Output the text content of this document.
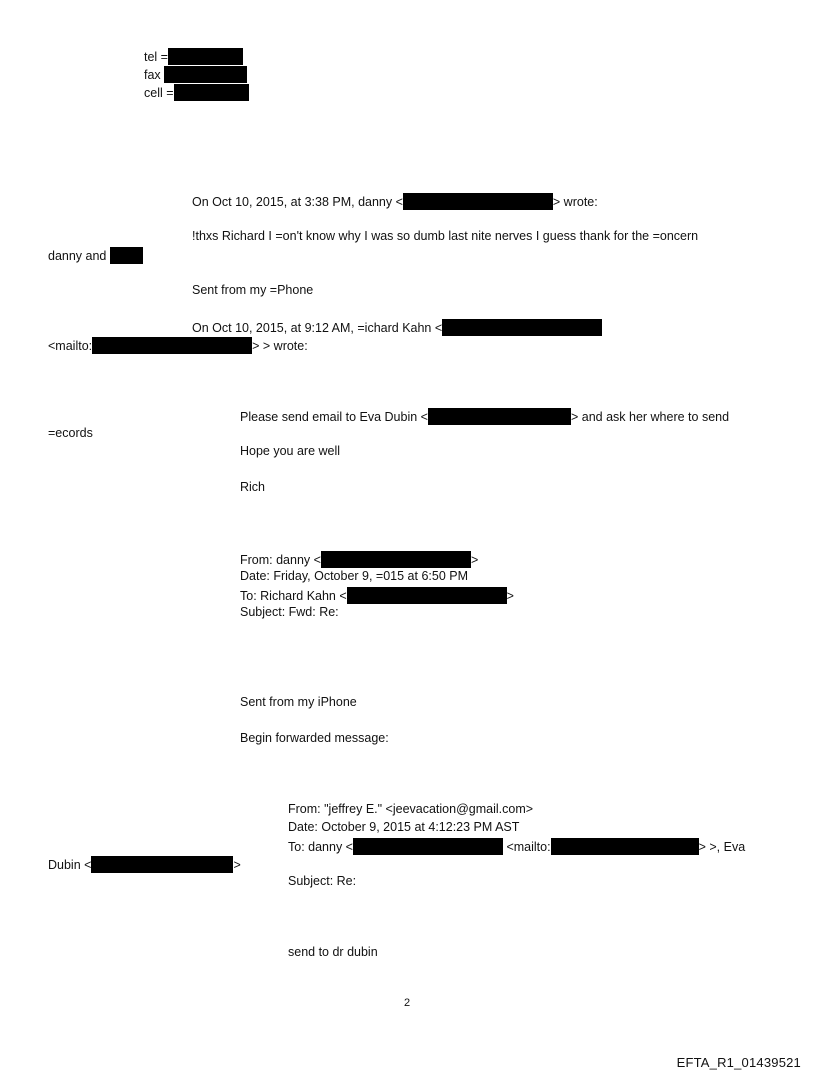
tel =
fax
cell =
On Oct 10, 2015, at 3:38 PM, danny <	> wrote:
!thxs Richard I =on't know why I was so dumb last nite nerves I guess thank for the =oncern
danny and
Sent from my =Phone
On Oct 10, 2015, at 9:12 AM, =ichard Kahn <
<mailto:	> > wrote:
Please send email to Eva Dubin <	> and ask her where to send
=ecords
Hope you are well
Rich
From: danny <	>
Date: Friday, October 9, =015 at 6:50 PM
To: Richard Kahn <	>
Subject: Fwd: Re:
Sent from my iPhone
Begin forwarded message:
From: "jeffrey E." <jeevacation@gmail.com>
Date: October 9, 2015 at 4:12:23 PM AST
To: danny <	<mailto:	> >, Eva
Dubin <	>
Subject: Re:
send to dr dubin
2
EFTA_R1_01439521
